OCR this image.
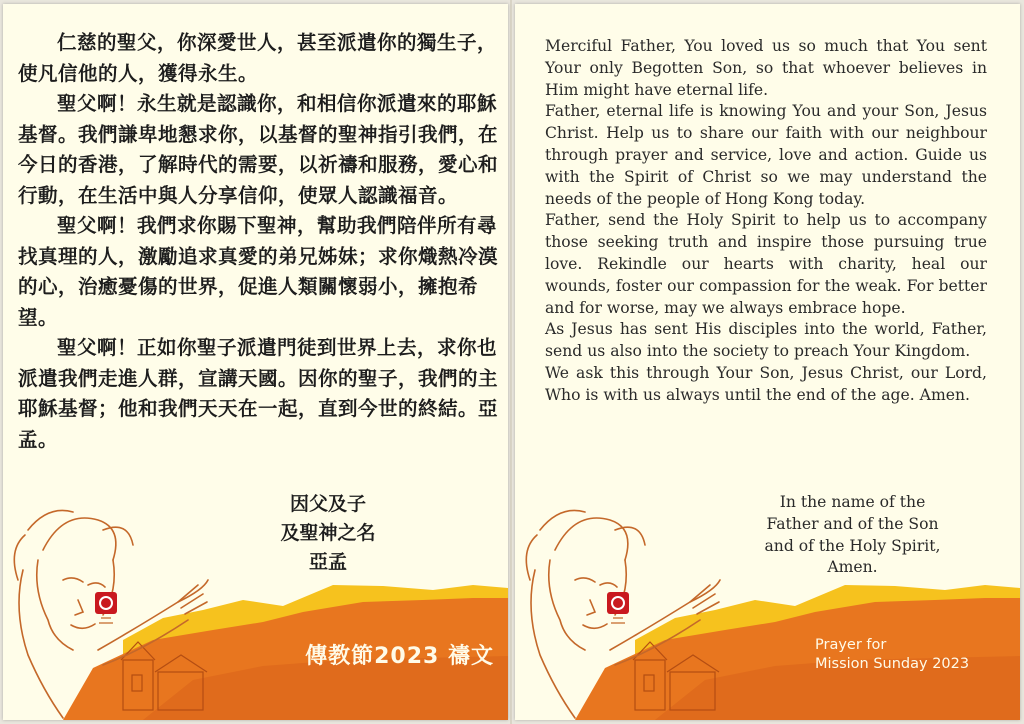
仁慈的聖父，你深愛世人，甚至派遣你的獨生子，使凡信他的人，獲得永生。

聖父啊！永生就是認識你，和相信你派遣來的耶穌基督。我們謙卑地懇求你，以基督的聖神指引我們，在今日的香港，了解時代的需要，以祈禱和服務，愛心和行動，在生活中與人分享信仰，使眾人認識福音。

聖父啊！我們求你賜下聖神，幫助我們陪伴所有尋找真理的人，激勵追求真愛的弟兄姊妹；求你熾熱冷漠的心，治癒憂傷的世界，促進人類關懷弱小，擁抱希望。

聖父啊！正如你聖子派遣門徒到世界上去，求你也派遣我們走進人群，宣講天國。因你的聖子，我們的主耶穌基督；他和我們天天在一起，直到今世的終結。亞孟。

因父及子
及聖神之名
亞孟
傳教節2023 禱文

Merciful Father, You loved us so much that You sent Your only Begotten Son, so that whoever believes in Him might have eternal life.

Father, eternal life is knowing You and your Son, Jesus Christ. Help us to share our faith with our neighbour through prayer and service, love and action. Guide us with the Spirit of Christ so we may understand the needs of the people of Hong Kong today.

Father, send the Holy Spirit to help us to accompany those seeking truth and inspire those pursuing true love. Rekindle our hearts with charity, heal our wounds, foster our compassion for the weak. For better and for worse, may we always embrace hope.

As Jesus has sent His disciples into the world, Father, send us also into the society to preach Your Kingdom.

We ask this through Your Son, Jesus Christ, our Lord, Who is with us always until the end of the age. Amen.

In the name of the
Father and of the Son
and of the Holy Spirit,
Amen.
Prayer for
Mission Sunday 2023
